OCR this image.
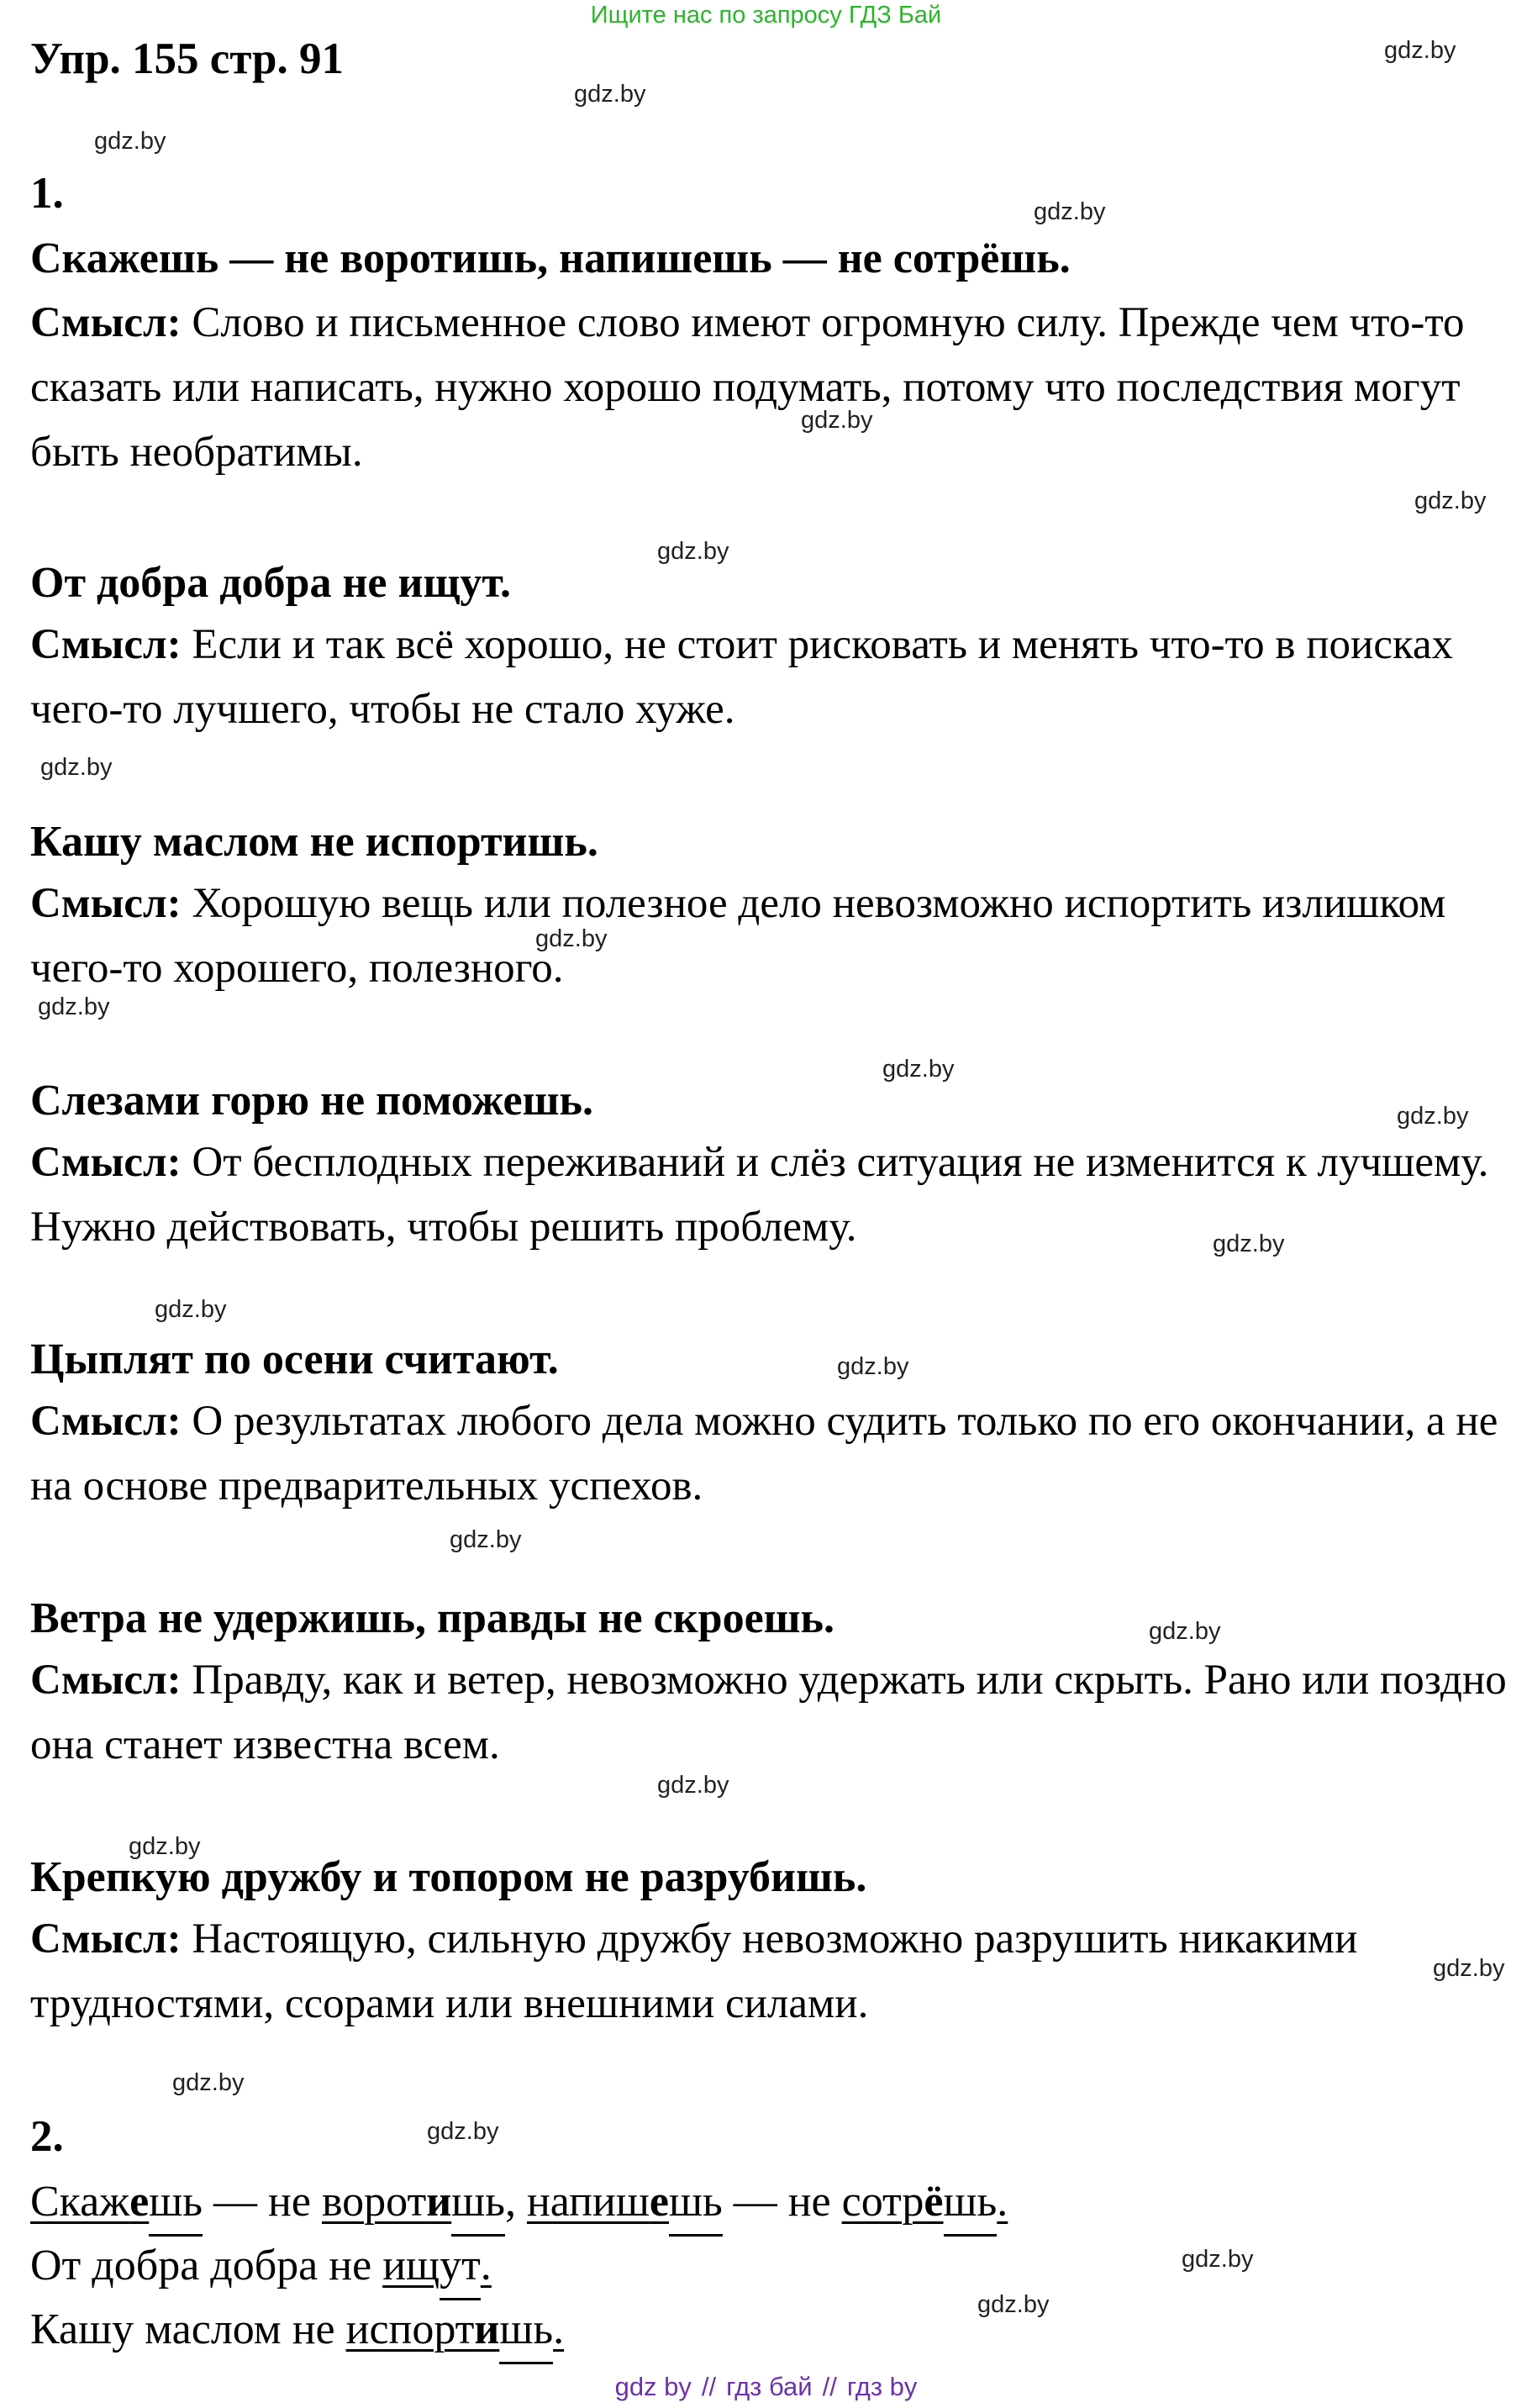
Ищите нас по запросу ГДЗ Бай
Упр. 155 стр. 91	gdz.by
gdz.by
gdz.by
gdz.by
gdz.by
gdz.by
gdz.by
gdz.by
gdz.by
gdz.by
gdz.by
gdz.by
gdz.by
gdz.by
gdz.by
gdz.by
gdz.by
gdz.by
gdz.by
gdz.by
gdz.by
gdz.by
gdz.by
gdz.by
1.
Скажешь — не воротишь, напишешь — не сотрёшь.
Смысл: Слово и письменное слово имеют огромную силу. Прежде чем что-то сказать или написать, нужно хорошо подумать, потому что последствия могут быть необратимы.
От добра добра не ищут.
Смысл: Если и так всё хорошо, не стоит рисковать и менять что-то в поисках чего-то лучшего, чтобы не стало хуже.
Кашу маслом не испортишь.
Смысл: Хорошую вещь или полезное дело невозможно испортить излишком чего-то хорошего, полезного.
Слезами горю не поможешь.
Смысл: От бесплодных переживаний и слёз ситуация не изменится к лучшему. Нужно действовать, чтобы решить проблему.
Цыплят по осени считают.
Смысл: О результатах любого дела можно судить только по его окончании, а не на основе предварительных успехов.
Ветра не удержишь, правды не скроешь.
Смысл: Правду, как и ветер, невозможно удержать или скрыть. Рано или поздно она станет известна всем.
Крепкую дружбу и топором не разрубишь.
Смысл: Настоящую, сильную дружбу невозможно разрушить никакими трудностями, ссорами или внешними силами.
2.
Скажешь — не воротишь, напишешь — не сотрёшь.
От добра добра не ищут.
Кашу маслом не испортишь.
gdz by // гдз бай // гдз by
